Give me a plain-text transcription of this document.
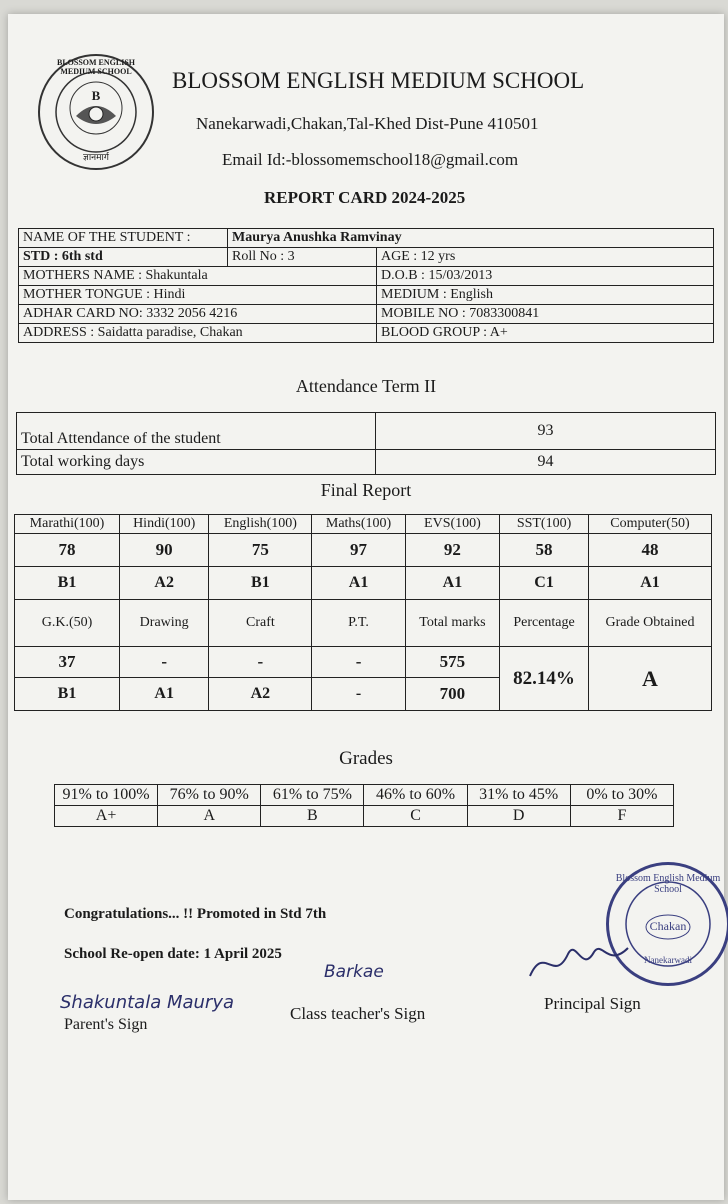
B
BLOSSOM ENGLISH MEDIUM SCHOOL
ज्ञानमार्ग
BLOSSOM ENGLISH MEDIUM SCHOOL
Nanekarwadi,Chakan,Tal-Khed Dist-Pune 410501
Email Id:-blossomemschool18@gmail.com
REPORT CARD 2024-2025
NAME OF THE STUDENT :	Maurya Anushka Ramvinay	
STD : 6th std	Roll No : 3	AGE : 12 yrs
MOTHERS NAME : Shakuntala		D.O.B : 15/03/2013
MOTHER TONGUE : Hindi		MEDIUM : English
ADHAR CARD NO: 3332 2056 4216		MOBILE NO : 7083300841
ADDRESS : Saidatta paradise, Chakan		BLOOD GROUP : A+
Attendance Term II
Total Attendance of the student	93
Total working days	94
Final Report
Marathi(100)	Hindi(100)	English(100)	Maths(100)	EVS(100)	SST(100)	Computer(50)
78	90	75	97	92	58	48
B1	A2	B1	A1	A1	C1	A1
G.K.(50)	Drawing	Craft	P.T.	Total marks	Percentage	Grade Obtained
37	-	-	-	575	82.14%	A
B1	A1	A2	-	700		
Grades
91% to 100%	76% to 90%	61% to 75%	46% to 60%	31% to 45%	0% to 30%
A+	A	B	C	D	F
Congratulations... !! Promoted in Std 7th
School Re-open date: 1 April 2025
Blossom English Medium School
Chakan
Nanekarwadi
Principal Sign
Shakuntala Maurya
Parent's Sign
Barkae
Class teacher's Sign
